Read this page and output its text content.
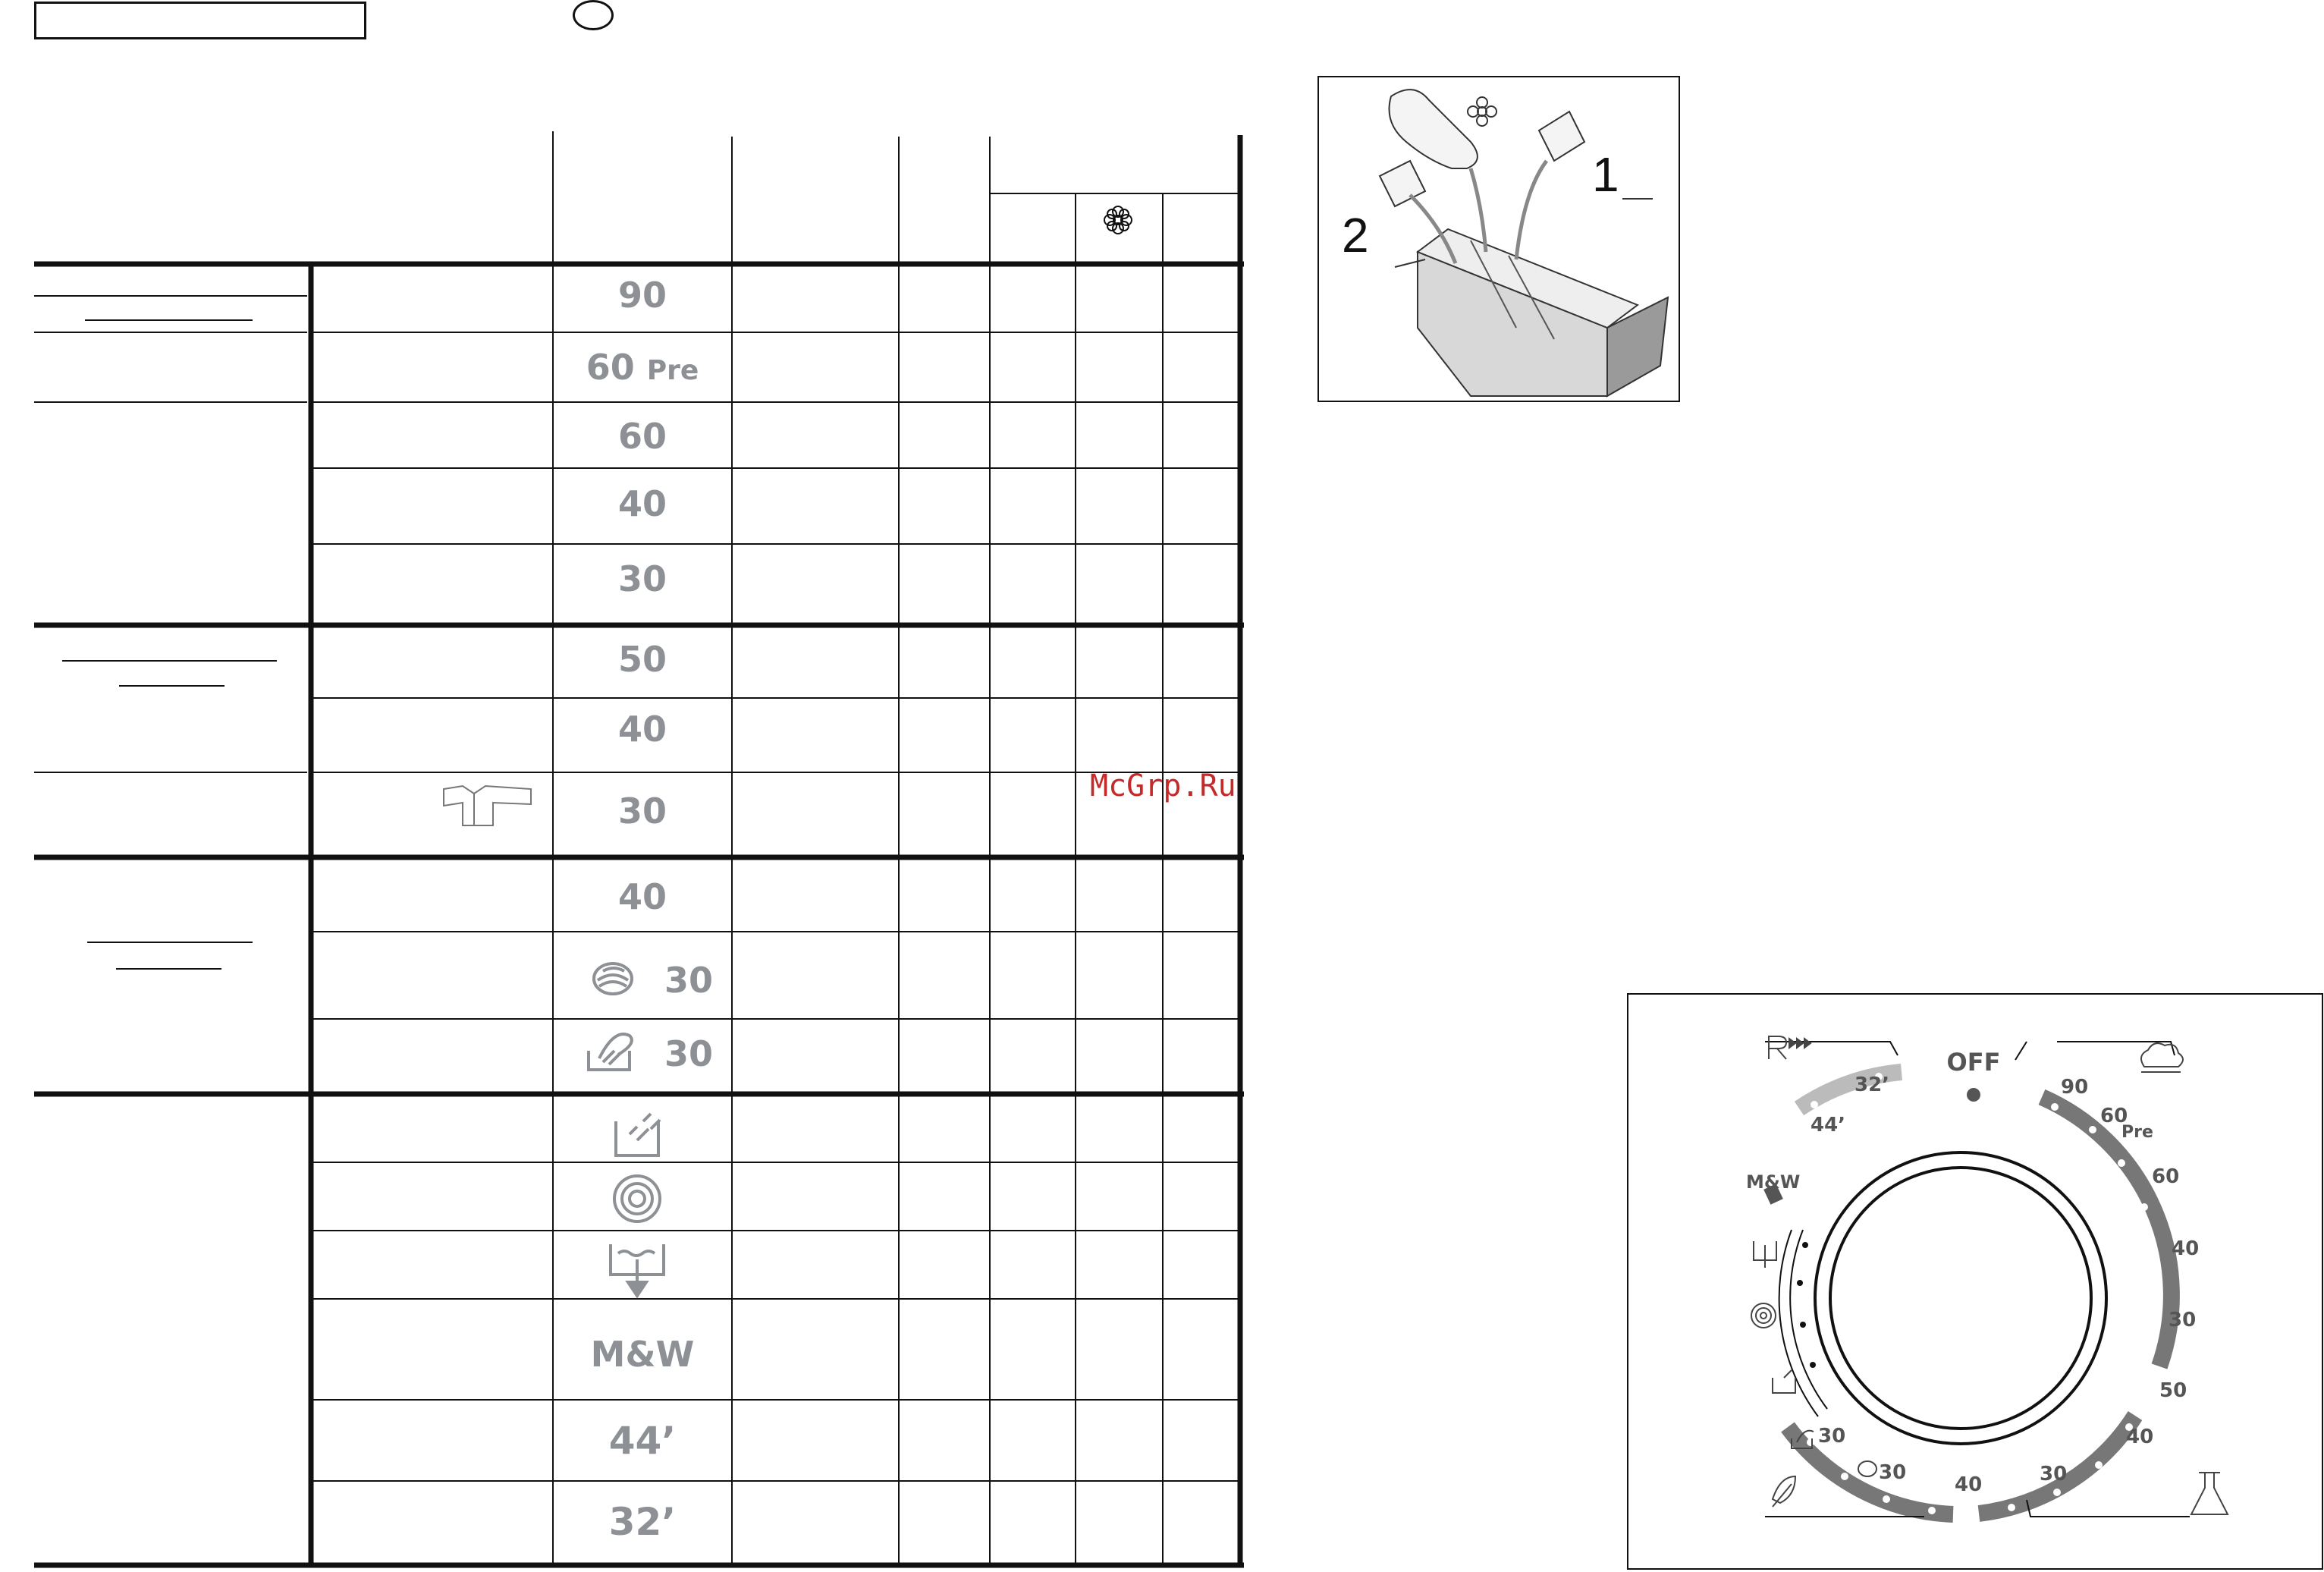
90
60 Pre
60
40
30
50
40
30
40
30
30
M&W
44’
32’
McGrp.Ru
1
2
OFF
90
60
Pre
60
40
30
50
40
30
32’
44’
M&W
30
30
40
